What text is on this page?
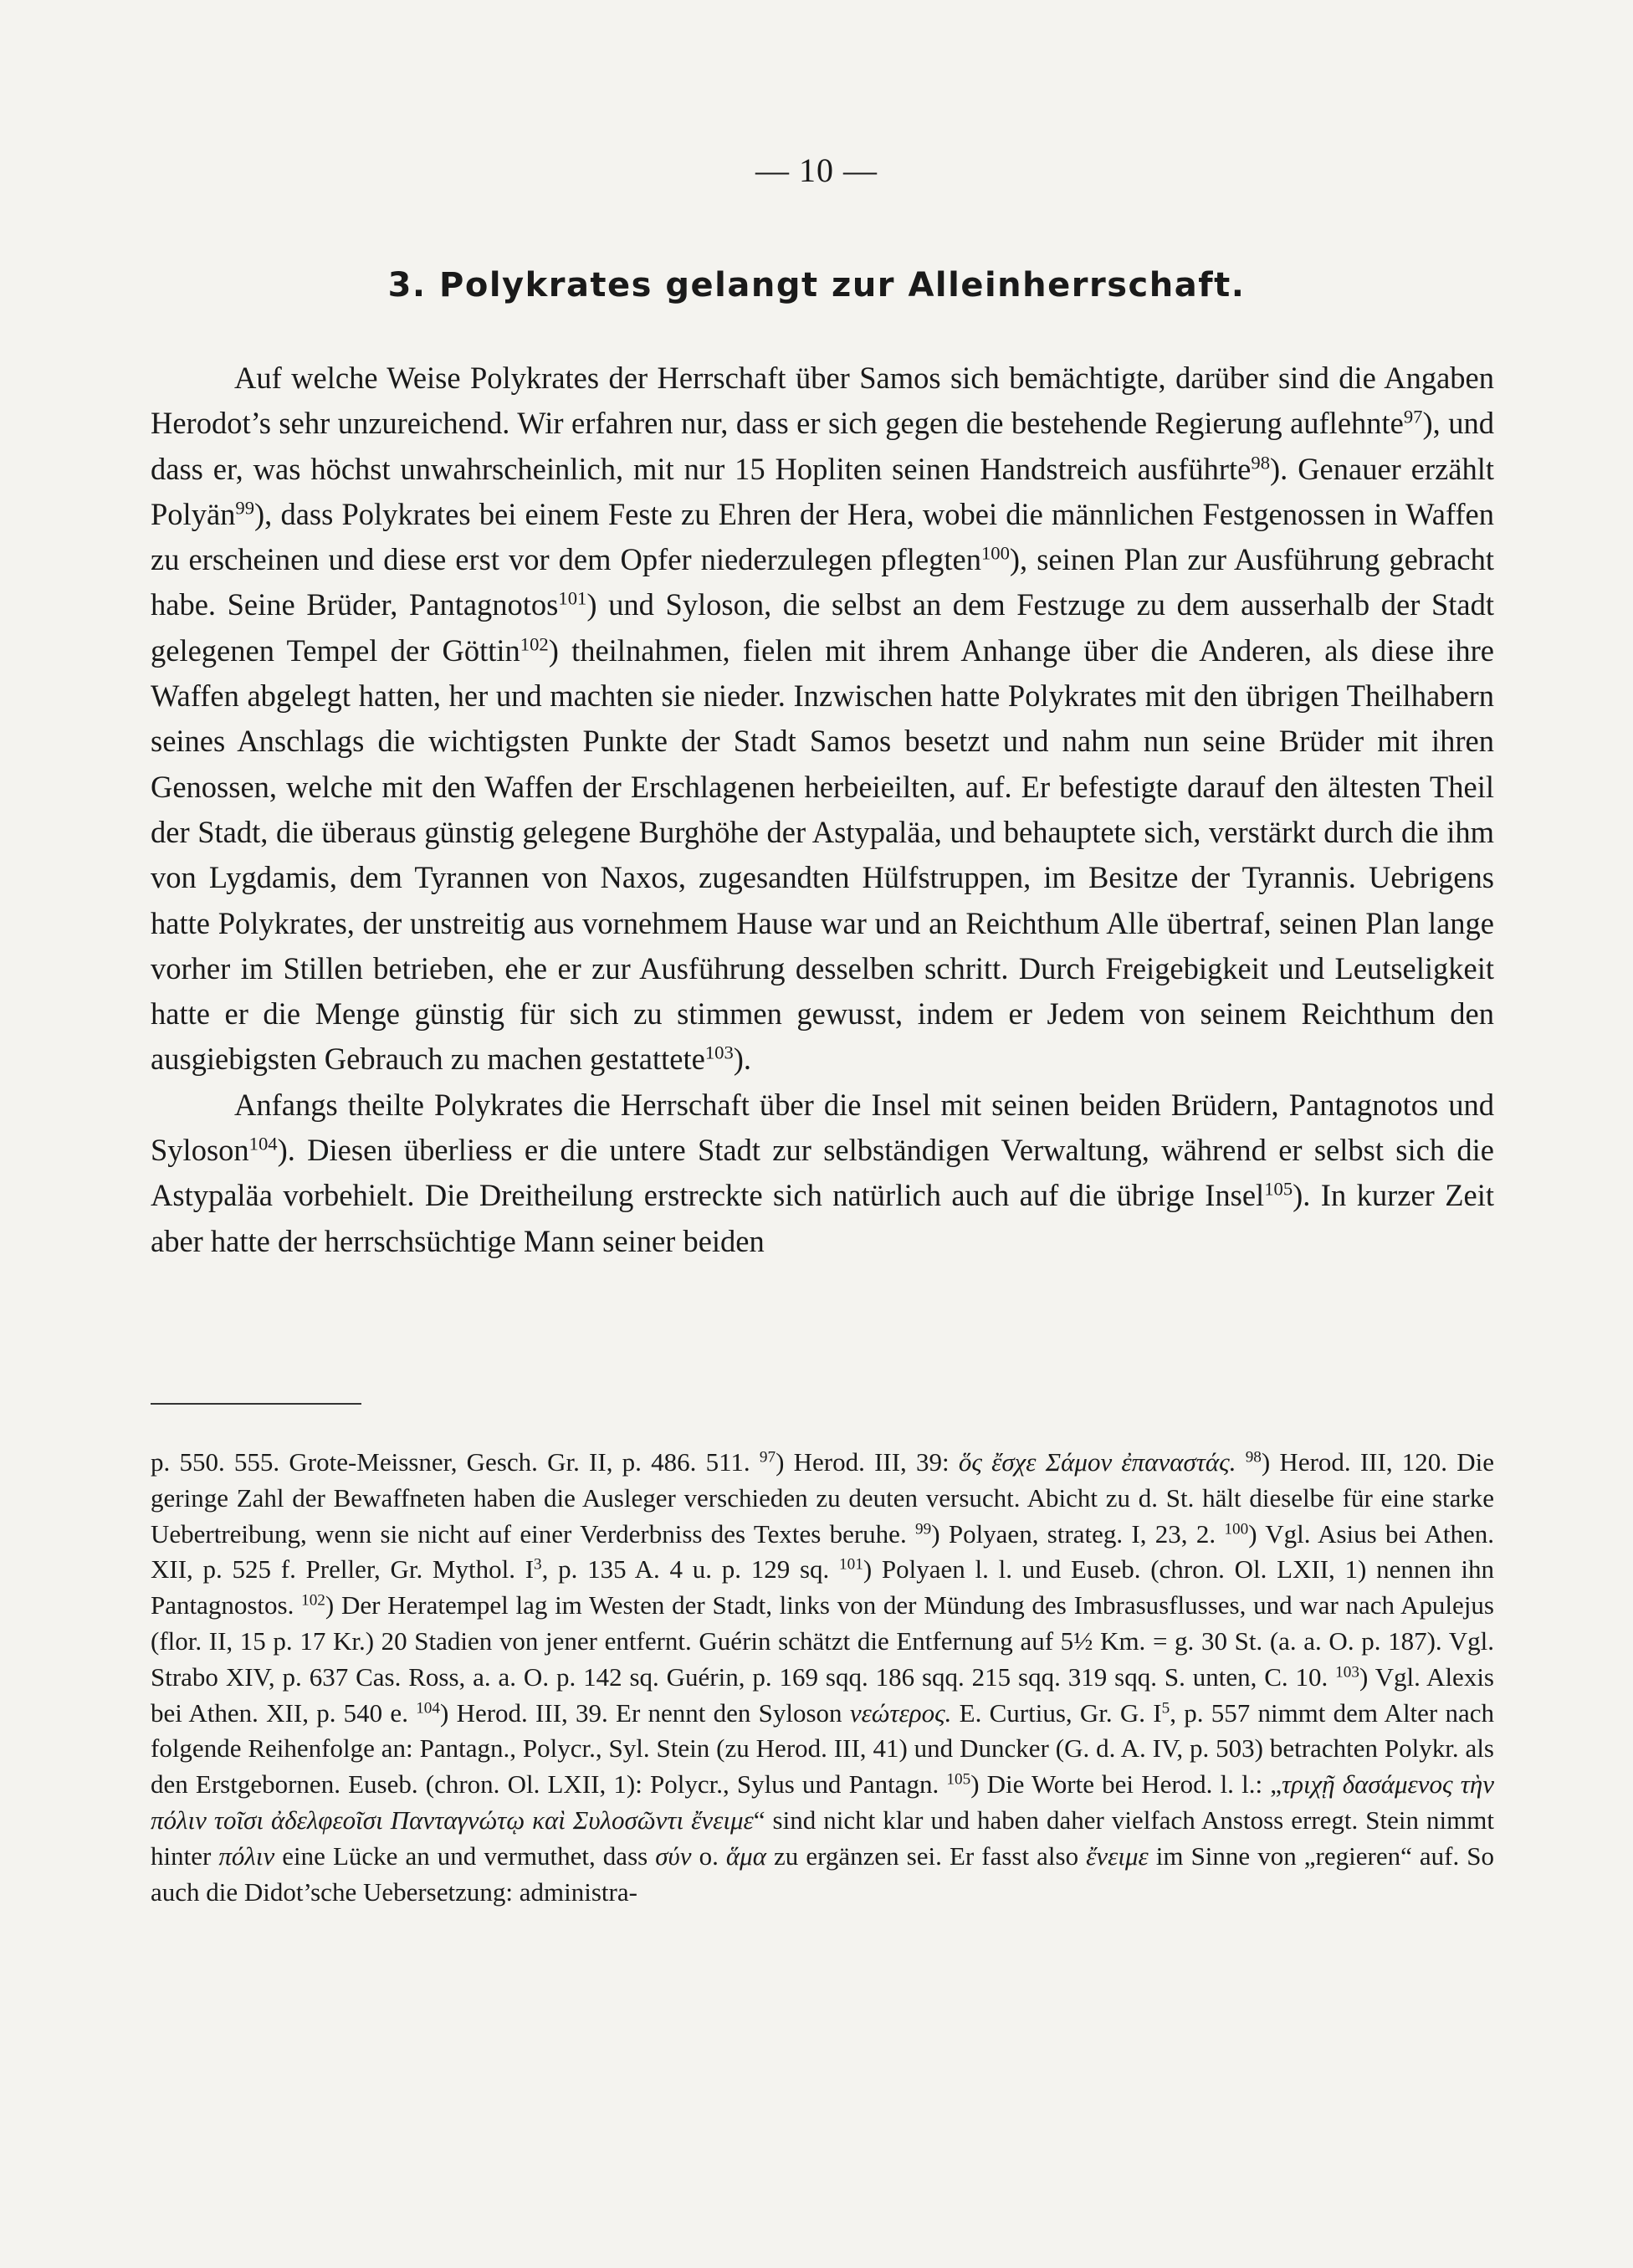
— 10 —
3. Polykrates gelangt zur Alleinherrschaft.

Auf welche Weise Polykrates der Herrschaft über Samos sich bemächtigte, darüber sind die Angaben Herodot’s sehr unzureichend. Wir erfahren nur, dass er sich gegen die bestehende Regierung auflehnte$^{97}$), und dass er, was höchst unwahrscheinlich, mit nur 15 Hopliten seinen Handstreich ausführte$^{98}$). Genauer erzählt Polyän$^{99}$), dass Polykrates bei einem Feste zu Ehren der Hera, wobei die männlichen Festgenossen in Waffen zu erscheinen und diese erst vor dem Opfer niederzulegen pflegten$^{100}$), seinen Plan zur Ausführung gebracht habe. Seine Brüder, Pantagnotos$^{101}$) und Syloson, die selbst an dem Festzuge zu dem ausserhalb der Stadt gelegenen Tempel der Göttin$^{102}$) theilnahmen, fielen mit ihrem Anhange über die Anderen, als diese ihre Waffen abgelegt hatten, her und machten sie nieder. Inzwischen hatte Polykrates mit den übrigen Theilhabern seines Anschlags die wichtigsten Punkte der Stadt Samos besetzt und nahm nun seine Brüder mit ihren Genossen, welche mit den Waffen der Erschlagenen herbeieilten, auf. Er befestigte darauf den ältesten Theil der Stadt, die überaus günstig gelegene Burghöhe der Astypaläa, und behauptete sich, verstärkt durch die ihm von Lygdamis, dem Tyrannen von Naxos, zugesandten Hülfstruppen, im Besitze der Tyrannis. Uebrigens hatte Polykrates, der unstreitig aus vornehmem Hause war und an Reichthum Alle übertraf, seinen Plan lange vorher im Stillen betrieben, ehe er zur Ausführung desselben schritt. Durch Freigebigkeit und Leutseligkeit hatte er die Menge günstig für sich zu stimmen gewusst, indem er Jedem von seinem Reichthum den ausgiebigsten Gebrauch zu machen gestattete$^{103}$).

Anfangs theilte Polykrates die Herrschaft über die Insel mit seinen beiden Brüdern, Pantagnotos und Syloson$^{104}$). Diesen überliess er die untere Stadt zur selbständigen Verwaltung, während er selbst sich die Astypaläa vorbehielt. Die Dreitheilung erstreckte sich natürlich auch auf die übrige Insel$^{105}$). In kurzer Zeit aber hatte der herrschsüchtige Mann seiner beiden

p. 550. 555. Grote-Meissner, Gesch. Gr. II, p. 486. 511. $^{97}$) Herod. III, 39: ὅς ἔσχε Σάμον ἐπαναστάς. $^{98}$) Herod. III, 120. Die geringe Zahl der Bewaffneten haben die Ausleger verschieden zu deuten versucht. Abicht zu d. St. hält dieselbe für eine starke Uebertreibung, wenn sie nicht auf einer Verderbniss des Textes beruhe. $^{99}$) Polyaen, strateg. I, 23, 2. $^{100}$) Vgl. Asius bei Athen. XII, p. 525 f. Preller, Gr. Mythol. $I^3$, p. 135 A. 4 u. p. 129 sq. $^{101}$) Polyaen l. l. und Euseb. (chron. Ol. LXII, 1) nennen ihn Pantagnostos. $^{102}$) Der Heratempel lag im Westen der Stadt, links von der Mündung des Imbrasusflusses, und war nach Apulejus (flor. II, 15 p. 17 Kr.) 20 Stadien von jener entfernt. Guérin schätzt die Entfernung auf 5½ Km. = g. 30 St. (a. a. O. p. 187). Vgl. Strabo XIV, p. 637 Cas. Ross, a. a. O. p. 142 sq. Guérin, p. 169 sqq. 186 sqq. 215 sqq. 319 sqq. S. unten, C. 10. $^{103}$) Vgl. Alexis bei Athen. XII, p. 540 e. $^{104}$) Herod. III, 39. Er nennt den Syloson νεώτερος. E. Curtius, Gr. G. $I^5$, p. 557 nimmt dem Alter nach folgende Reihenfolge an: Pantagn., Polycr., Syl. Stein (zu Herod. III, 41) und Duncker (G. d. A. IV, p. 503) betrachten Polykr. als den Erstgebornen. Euseb. (chron. Ol. LXII, 1): Polycr., Sylus und Pantagn. $^{105}$) Die Worte bei Herod. l. l.: „τριχῇ δασάμενος τὴν πόλιν τοῖσι ἀδελφεοῖσι Πανταγνώτῳ καὶ Συλοσῶντι ἔνειμε“ sind nicht klar und haben daher vielfach Anstoss erregt. Stein nimmt hinter πόλιν eine Lücke an und vermuthet, dass σύν o. ἅμα zu ergänzen sei. Er fasst also ἔνειμε im Sinne von „regieren“ auf. So auch die Didot’sche Uebersetzung: administra-
